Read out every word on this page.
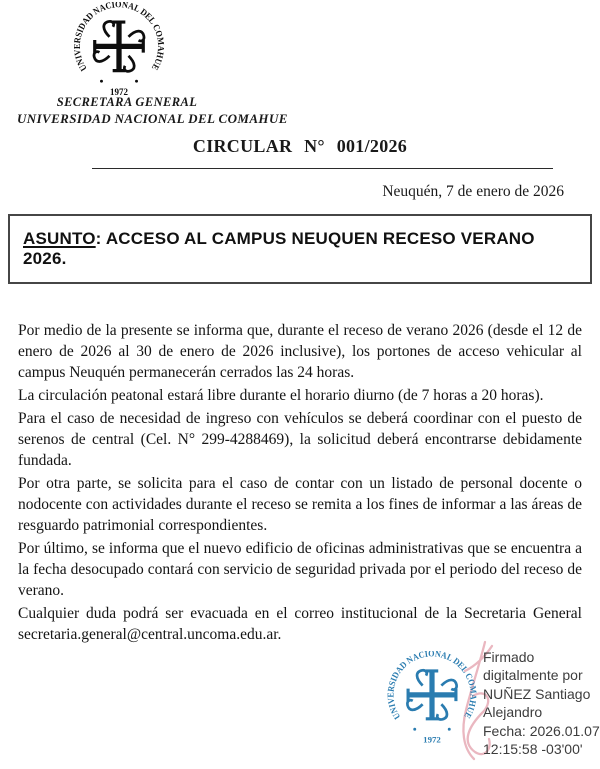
UNIVERSIDAD NACIONAL DEL COMAHUE
1972
SECRETARA GENERAL
UNIVERSIDAD NACIONAL DEL COMAHUE
CIRCULAR N° 001/2026
Neuquén, 7 de enero de 2026
ASUNTO: ACCESO AL CAMPUS NEUQUEN RECESO VERANO 2026.

Por medio de la presente se informa que, durante el receso de verano 2026 (desde el 12 de enero de 2026 al 30 de enero de 2026 inclusive), los portones de acceso vehicular al campus Neuquén permanecerán cerrados las 24 horas.

La circulación peatonal estará libre durante el horario diurno (de 7 horas a 20 horas).

Para el caso de necesidad de ingreso con vehículos se deberá coordinar con el puesto de serenos de central (Cel. N° 299-4288469), la solicitud deberá encontrarse debidamente fundada.

Por otra parte, se solicita para el caso de contar con un listado de personal docente o nodocente con actividades durante el receso se remita a los fines de informar a las áreas de resguardo patrimonial correspondientes.

Por último, se informa que el nuevo edificio de oficinas administrativas que se encuentra a la fecha desocupado contará con servicio de seguridad privada por el periodo del receso de verano.

Cualquier duda podrá ser evacuada en el correo institucional de la Secretaria General secretaria.general@central.uncoma.edu.ar.

UNIVERSIDAD NACIONAL DEL COMAHUE
1972
Firmado
digitalmente por
NUÑEZ Santiago
Alejandro
Fecha: 2026.01.07
12:15:58 -03'00'
